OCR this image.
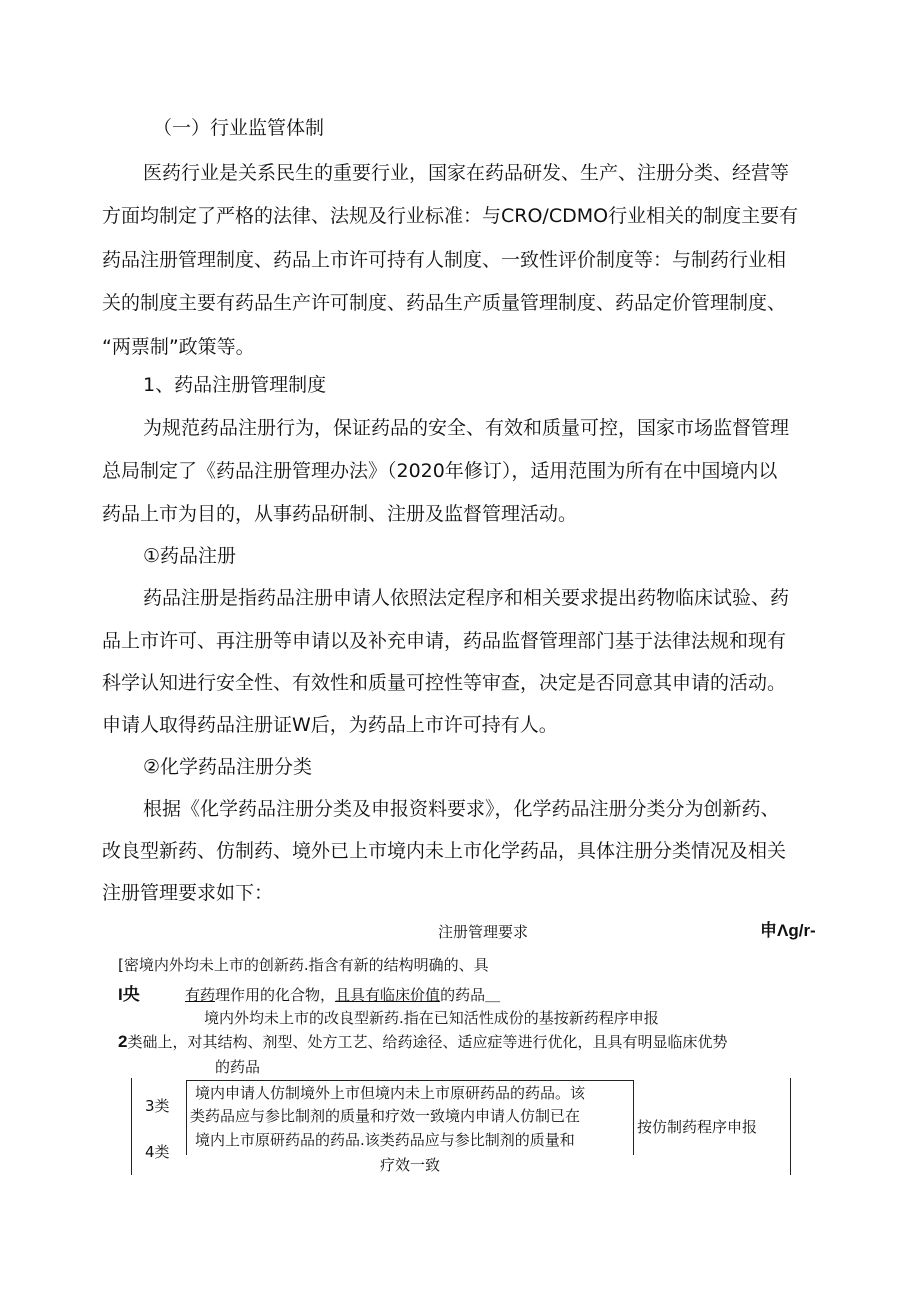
（一）行业监管体制
医药行业是关系民生的重要行业，国家在药品研发、生产、注册分类、经营等
方面均制定了严格的法律、法规及行业标准：与CRO/CDMO行业相关的制度主要有
药品注册管理制度、药品上市许可持有人制度、一致性评价制度等：与制药行业相
关的制度主要有药品生产许可制度、药品生产质量管理制度、药品定价管理制度、
“两票制”政策等。
1、药品注册管理制度
为规范药品注册行为，保证药品的安全、有效和质量可控，国家市场监督管理
总局制定了《药品注册管理办法》（2020年修订），适用范围为所有在中国境内以
药品上市为目的，从事药品研制、注册及监督管理活动。
①药品注册
药品注册是指药品注册申请人依照法定程序和相关要求提出药物临床试验、药
品上市许可、再注册等申请以及补充申请，药品监督管理部门基于法律法规和现有
科学认知进行安全性、有效性和质量可控性等审查，决定是否同意其申请的活动。
申请人取得药品注册证W后，为药品上市许可持有人。
②化学药品注册分类
根据《化学药品注册分类及申报资料要求》，化学药品注册分类分为创新药、
改良型新药、仿制药、境外已上市境内未上市化学药品，具体注册分类情况及相关
注册管理要求如下：
注册管理要求	申Λg/r-
[密境内外均未上市的创新药.指含有新的结构明确的、具
I央	有药理作用的化合物，且具有临床价值的药品＿
境内外均未上市的改良型新药.指在已知活性成份的基按新药程序申报
2类础上，对其结构、剂型、处方工艺、给药途径、适应症等进行优化，且具有明显临床优势
的药品
3类
4类
境内申请人仿制境外上市但境内未上市原研药品的药品。该
类药品应与参比制剂的质量和疗效一致境内申请人仿制已在
境内上市原研药品的药品.该类药品应与参比制剂的质量和
疗效一致
按仿制药程序申报
